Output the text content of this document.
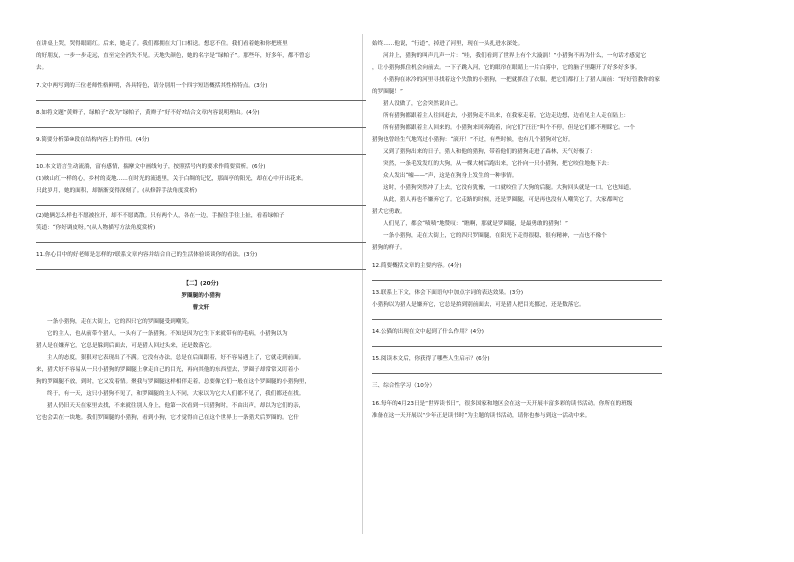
在讲桌上哭，哭得眼睛红。后来，她走了。我们都拥在大门口相送。想忍不住。我们看着她和你把班里

的好朋友，一步一步走远，直至完全消失不见。天地失颜色，她的名字是“绿帕子”。那些年，好多年，都不曾忘

去。

7.文中两写到的三位老师性格鲜明，各具特色，请分别用一个四字短语概括其性格特点。(3分)

8.如将文题“黄辫子，绿帕子”改为“绿帕子，黄辫子”好不好?结合文章内容说明理由。(4分)

9.简要分析第⑩段在结构内容上的作用。(4分)

10.本文语言生动流淌，富有感情，揣摩文中画线句子，按照括号内的要求作简要赏析。(6分)

(1)映山红一样的心，乡村的麦地……在时光的流逝里，关于白绸的记忆，那面亭的阳光，却在心中开出花来。

只此岁月，她的面积，却渐渐变得深刻了。(从修辞手法角度赏析)

(2)她俩怎么样也不愿被拉开，却不不愿离散。只有两个人，各在一边，手握住手往上扯，看着绿帕子

笑道：“你好调皮呀。”(从人物描写方法角度赏析)

11.你心目中的好老师是怎样的?联系文章内容并结合自己的生活体验谈谈你的看法。(3分)

【二】(20分)

罗圈腿的小猎狗

曹文轩

一条小猎狗，走在大街上，它的四只它的罗圈腿受到嘲笑。

它的主人，也从前带个猎人，一头有了一条猎狗。不知是因为它生下来就带有的毛病，小猎狗以为

猎人是在嫌弃它，它总是躲到后面去，可是猎人回过头来，还是数落它。

主人的态度，狠狠对它表现出了不满。它没有办法，总是在后面跟着，好不容易遇上了，它就走到前面。

来，猎犬好不容易从一只小猎狗的罗圈腿上拿走自己的目光，再向其他的东西望去，罗圈子却常常又盯着小

狗的罗圈腿不放，到时，它又发着情。聚我与罗圈腿这样相伴走着，总要像它们一般在这个罗圈腿的小猎狗里，

终于，有一天，这只小猎狗不见了，和罗圈腿的主人不同，大家以为它大人们都不见了，我们都还在找。

猎人仍旧天天在家里去找，不来就往别人身上，他第一次看到一只猎狗时，不由出声，却以为它们的亲，

它也会丢在一块地。我们罗圈腿的小猎狗，看到小狗，它才觉得自己在这个世界上一条猎犬后罗圈的。它什

始终……他说，“行道”，掉进了河里，现在一头扎进水深处。

河并上，猎狗的叫声几声一片：“哇，我们看到了世界上有个大漩涡！”小猎狗不再为什么，一句话才感觉它

，让小猎狗抓住机会向前去。一下子跳入河，它的眼帘在眼睛上一片白雾中，它的脑子里翻开了好多好多事。

小猎狗在冰冷的河里寻找着这个失散的小猎狗，一把就抓住了衣服，把它们都打上了猎人面前：“好好管教你的家

的罗圈腿！”

猎人没做了，它会突然说自己。

所有猎狗都跟着主人往回赶去，小猎狗走不出来，在我家走着，它边走边想，边看见主人走在陆上：

所有猎狗都跟着主人回来的。小猎狗来回奔跑着，向它们“汪汪”叫个不停，但是它们都不理睬它。一个

猎狗也曾经生气地骂过小猎狗：“滚开！”不过，有些时候，也有几个猎狗对它好。

又到了猎狗出来的日子，猎人和他的猎狗，带着他们的猎狗走进了森林，天气好极了：

突然，一条毛发发红的大狗，从一棵大树后跑出来，它扑向一只小猎狗，把它咬住地拖下去：

众人发出“嘘——”声，这是在狗身上发生的一种事情。

这时，小猎狗突然冲了上去，它没有犹豫，一口就咬住了大狗的后腿。大狗回头就是一口，它也知道，

从此，猎人再也不嫌弃它了。它走路的时候，还是罗圈腿，可是再也没有人嘲笑它了，大家都叫它

猎犬它勇敢。

人们见了，都会“啧啧”地赞叹：“瞧啊，那就是罗圈腿，是最勇敢的猎狗！”

一条小猎狗，走在大街上，它的四只罗圈腿，在阳光下走得很稳，很有精神，一点也不像个

猎狗的样子。

12.简要概括文章的主要内容。(4分)

13.联系上下文，体会下面语句中加点字词的表达效果。(3分)

小猎狗以为猎人是嫌弃它，它总是拚到别前面去，可是猎人把目光挪过，还是数落它。

14.公猫的出现在文中起到了什么作用？(4分)

15.阅读本文后，你获得了哪些人生启示？(6分)

三、综合性学习（10分）

16.每年的4月23日是“世界读书日”，很多国家和地区会在这一天开展丰富多彩的读书活动。你所在的班级

准备在这一天开展以“少年正是读书时”为主题的读书活动，请你也参与到这一活动中来。
